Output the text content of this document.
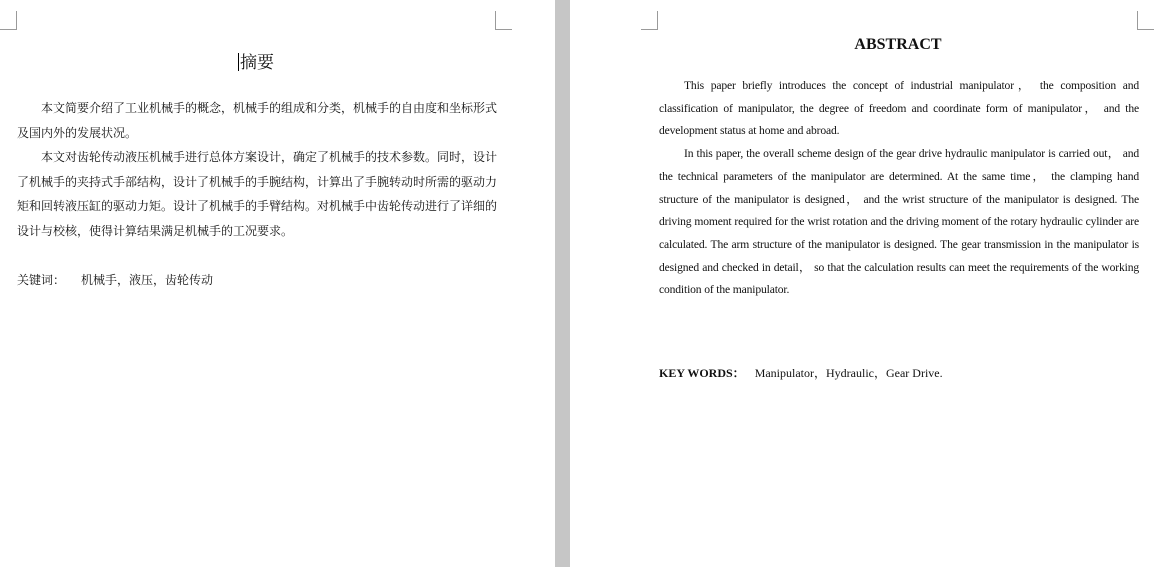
摘要

本文简要介绍了工业机械手的概念，机械手的组成和分类，机械手的自由度和坐标形式及国内外的发展状况。

本文对齿轮传动液压机械手进行总体方案设计，确定了机械手的技术参数。同时，设计了机械手的夹持式手部结构，设计了机械手的手腕结构，计算出了手腕转动时所需的驱动力矩和回转液压缸的驱动力矩。设计了机械手的手臂结构。对机械手中齿轮传动进行了详细的设计与校核，使得计算结果满足机械手的工况要求。

关键词： 机械手，液压，齿轮传动
ABSTRACT

This paper briefly introduces the concept of industrial manipulator， the composition and classification of manipulator, the degree of freedom and coordinate form of manipulator， and the development status at home and abroad.

In this paper, the overall scheme design of the gear drive hydraulic manipulator is carried out， and the technical parameters of the manipulator are determined. At the same time， the clamping hand structure of the manipulator is designed， and the wrist structure of the manipulator is designed. The driving moment required for the wrist rotation and the driving moment of the rotary hydraulic cylinder are calculated. The arm structure of the manipulator is designed. The gear transmission in the manipulator is designed and checked in detail， so that the calculation results can meet the requirements of the working condition of the manipulator.

KEY WORDS： Manipulator，Hydraulic，Gear Drive.
